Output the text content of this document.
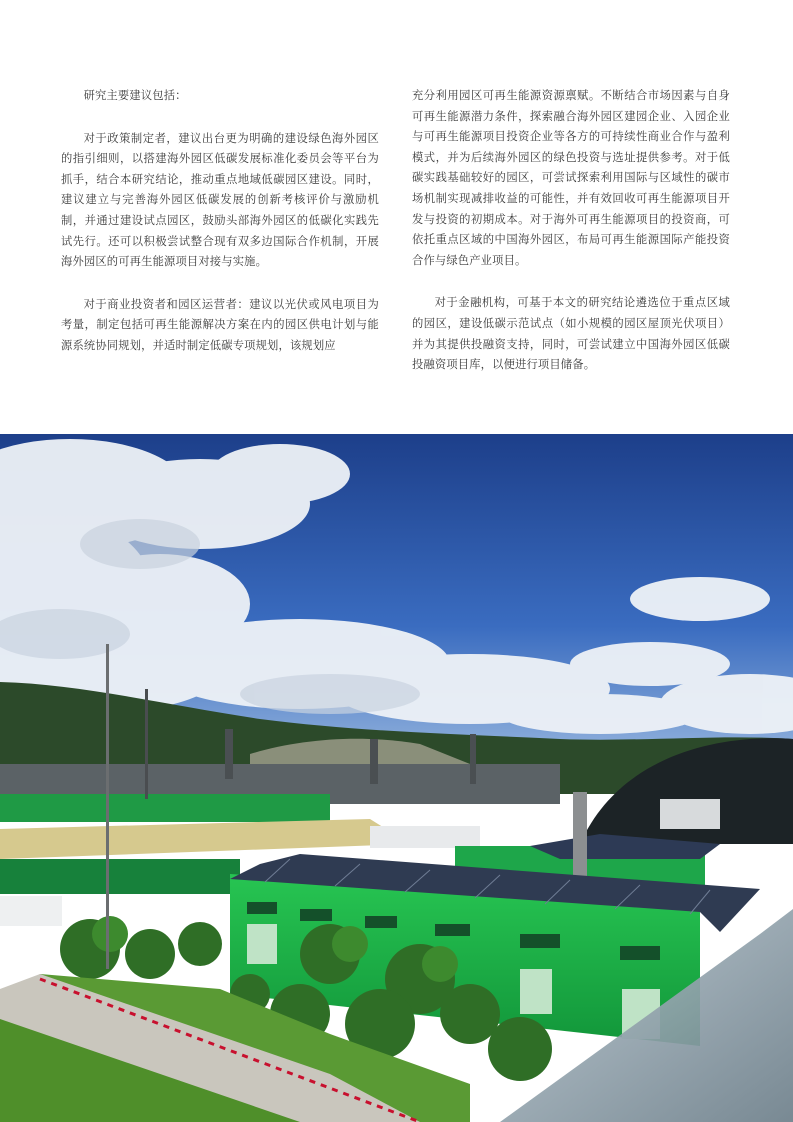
研究主要建议包括：

对于政策制定者，建议出台更为明确的建设绿色海外园区的指引细则，以搭建海外园区低碳发展标准化委员会等平台为抓手，结合本研究结论，推动重点地域低碳园区建设。同时，建议建立与完善海外园区低碳发展的创新考核评价与激励机制，并通过建设试点园区，鼓励头部海外园区的低碳化实践先试先行。还可以积极尝试整合现有双多边国际合作机制，开展海外园区的可再生能源项目对接与实施。

对于商业投资者和园区运营者：建议以光伏或风电项目为考量，制定包括可再生能源解决方案在内的园区供电计划与能源系统协同规划，并适时制定低碳专项规划，该规划应

充分利用园区可再生能源资源禀赋。不断结合市场因素与自身可再生能源潜力条件，探索融合海外园区建园企业、入园企业与可再生能源项目投资企业等各方的可持续性商业合作与盈利模式，并为后续海外园区的绿色投资与选址提供参考。对于低碳实践基础较好的园区，可尝试探索利用国际与区域性的碳市场机制实现减排收益的可能性，并有效回收可再生能源项目开发与投资的初期成本。对于海外可再生能源项目的投资商，可依托重点区域的中国海外园区，布局可再生能源国际产能投资合作与绿色产业项目。

对于金融机构，可基于本文的研究结论遴选位于重点区域的园区，建设低碳示范试点（如小规模的园区屋顶光伏项目）并为其提供投融资支持，同时，可尝试建立中国海外园区低碳投融资项目库，以便进行项目储备。
